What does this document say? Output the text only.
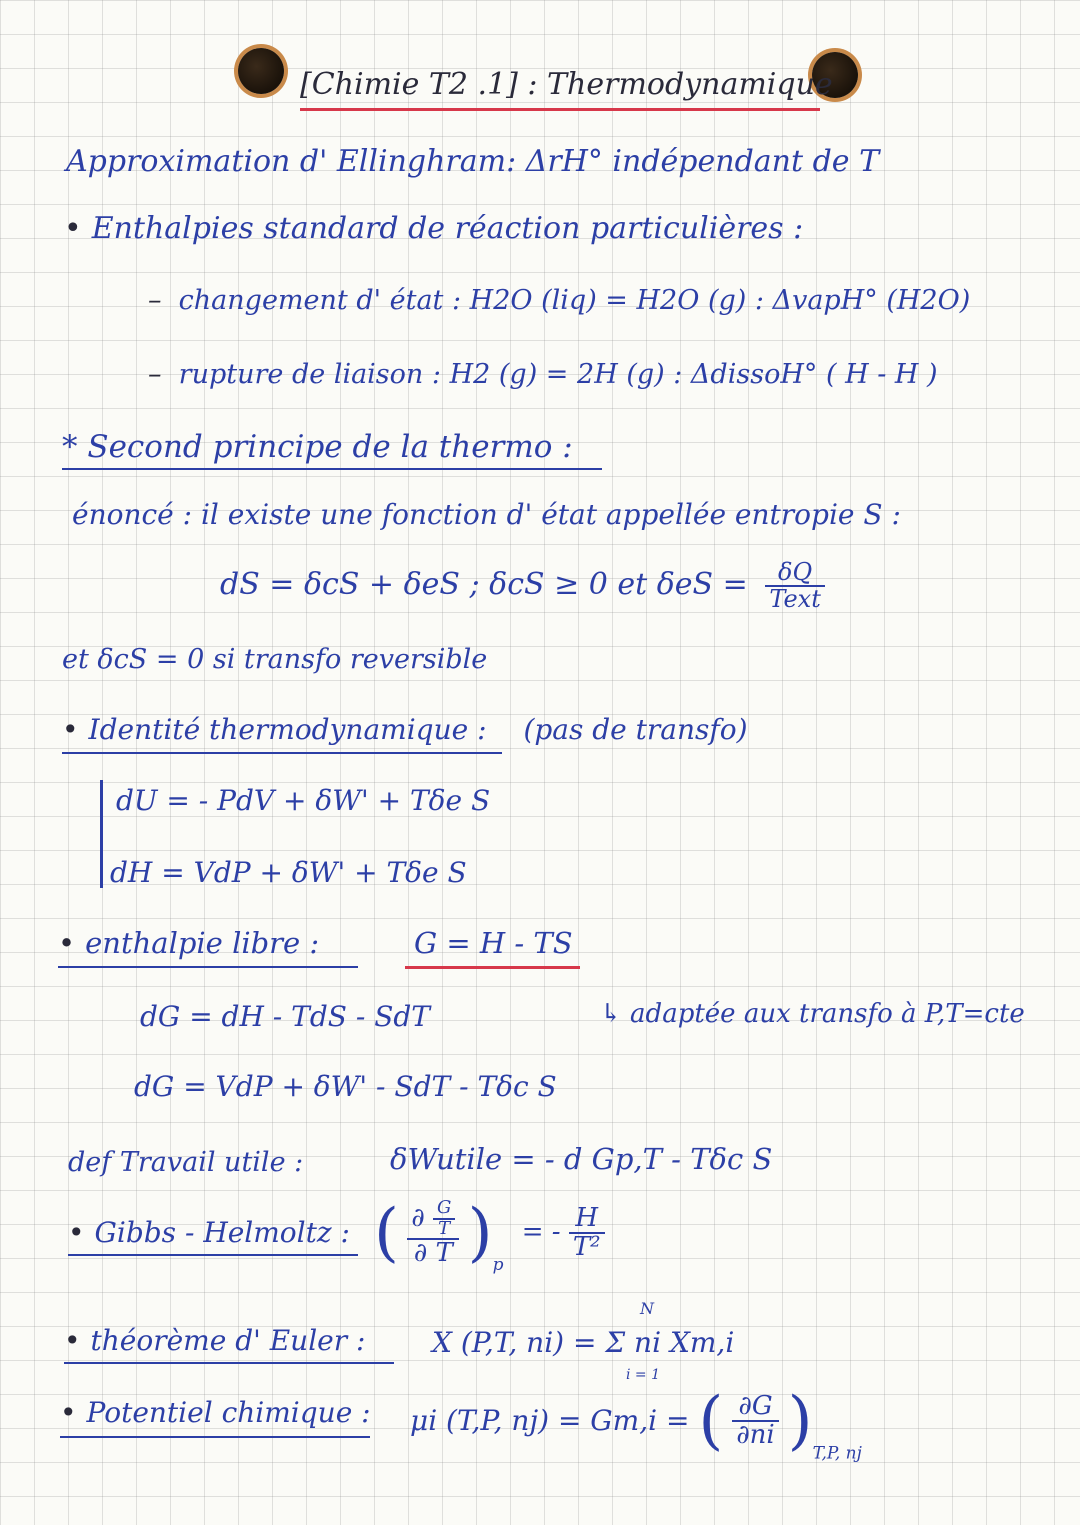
[Chimie T2 .1] : Thermodynamique
Approximation d' Ellinghram: ΔrH° indépendant de T
• Enthalpies standard de réaction particulières :
–  changement d' état : H2O (liq) = H2O (g) : ΔvapH° (H2O)
–  rupture de liaison : H2 (g) = 2H (g) : ΔdissoH° ( H - H )
* Second principe de la thermo :
énoncé : il existe une fonction d' état appellée entropie S :
dS = δcS + δeS ; δcS ≥ 0 et $\delta eS = \frac{\delta Q}{\text{Text}}$
et δcS = 0 si transfo reversible
• Identité thermodynamique : (pas de transfo)
dU = - PdV + δW' + Tδe S
dH = VdP + δW' + Tδe S
• enthalpie libre :	G = H - TS
dG = dH - TdS - SdT	↳ adaptée aux transfo à P,T=cte
dG = VdP + δW' - SdT - Tδc S
def Travail utile :	δWutile = - d Gp,T - Tδc S
• Gibbs - Helmoltz : ( $\frac{\partial \frac{G}{T}}{\partial T} )_p$ = - $\frac{H}{\text{T²}}$
• théorème d' Euler :
N
X (P,T, ni) = Σ ni Xm,i
i = 1
• Potentiel chimique : μi (T,P, nj) = Gm,i = ( $\frac{\partial G}{\partial ni} )_{T,P, nj}$
